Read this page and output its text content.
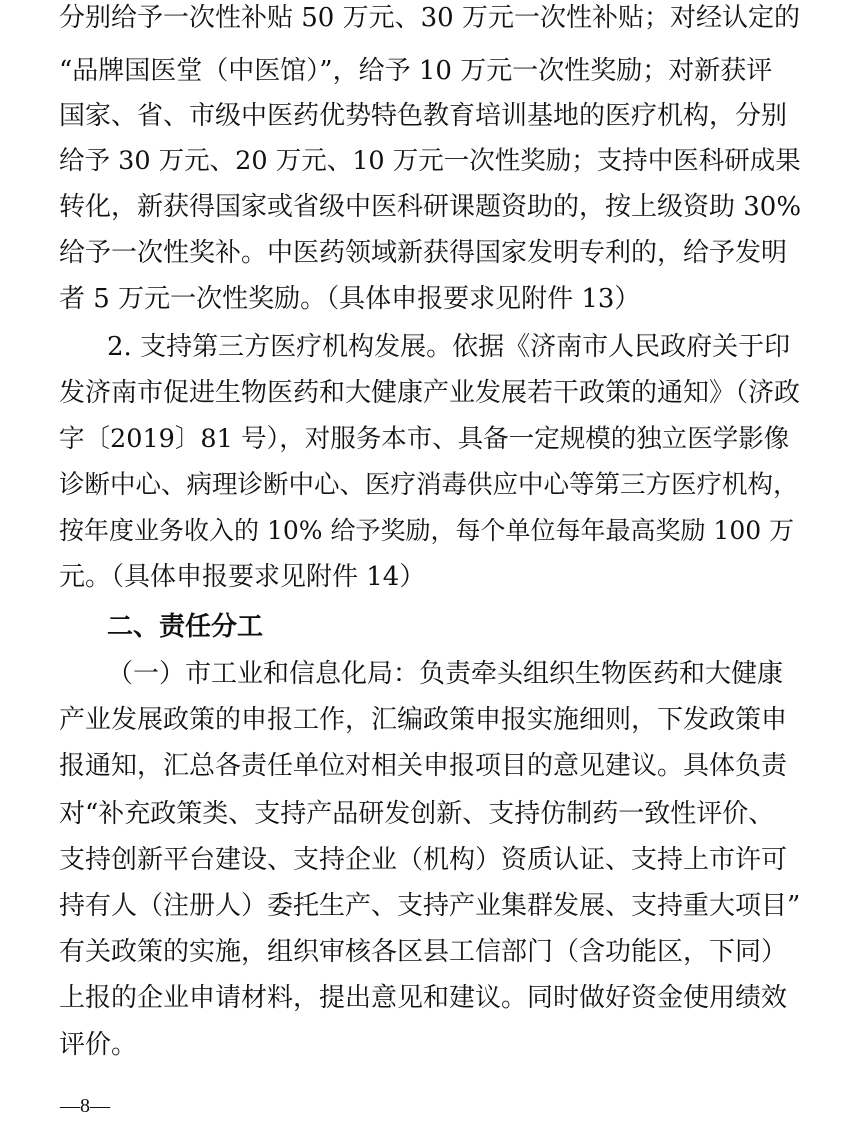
分别给予一次性补贴 50 万元、30 万元一次性补贴；对经认定的
“品牌国医堂（中医馆）”，给予 10 万元一次性奖励；对新获评
国家、省、市级中医药优势特色教育培训基地的医疗机构，分别
给予 30 万元、20 万元、10 万元一次性奖励；支持中医科研成果
转化，新获得国家或省级中医科研课题资助的，按上级资助 30%
给予一次性奖补。中医药领域新获得国家发明专利的，给予发明
者 5 万元一次性奖励。（具体申报要求见附件 13）
2. 支持第三方医疗机构发展。依据《济南市人民政府关于印
发济南市促进生物医药和大健康产业发展若干政策的通知》（济政
字〔2019〕81 号），对服务本市、具备一定规模的独立医学影像
诊断中心、病理诊断中心、医疗消毒供应中心等第三方医疗机构，
按年度业务收入的 10% 给予奖励，每个单位每年最高奖励 100 万
元。（具体申报要求见附件 14）
二、责任分工
（一）市工业和信息化局：负责牵头组织生物医药和大健康
产业发展政策的申报工作，汇编政策申报实施细则，下发政策申
报通知，汇总各责任单位对相关申报项目的意见建议。具体负责
对“补充政策类、支持产品研发创新、支持仿制药一致性评价、
支持创新平台建设、支持企业（机构）资质认证、支持上市许可
持有人（注册人）委托生产、支持产业集群发展、支持重大项目”
有关政策的实施，组织审核各区县工信部门（含功能区，下同）
上报的企业申请材料，提出意见和建议。同时做好资金使用绩效
评价。
—8—
